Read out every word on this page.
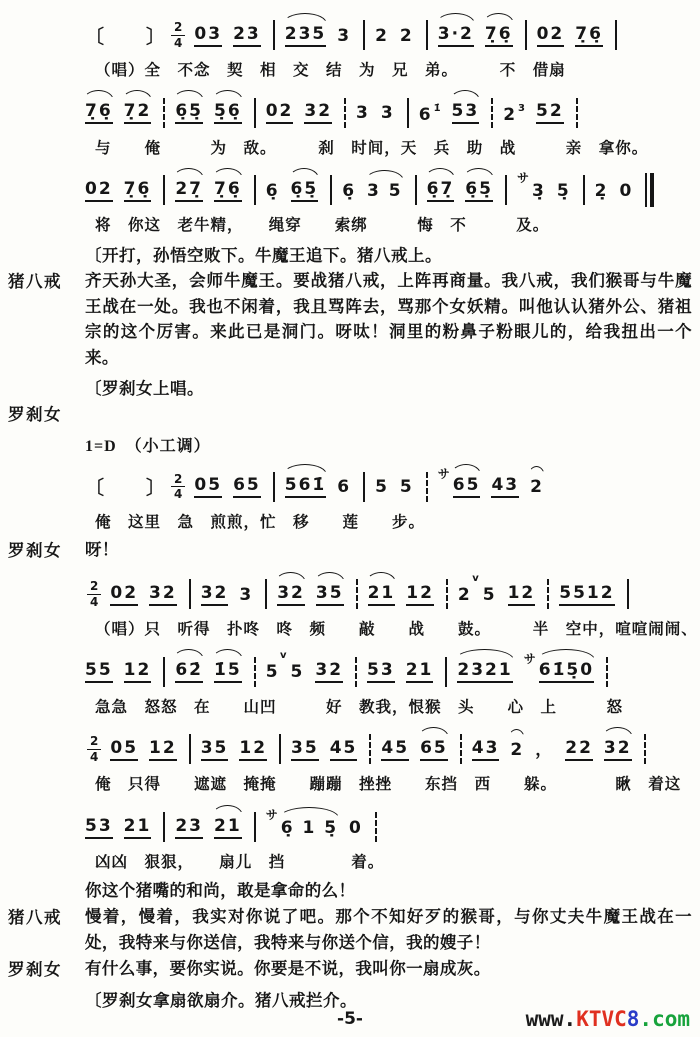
〔 〕 2
4 03 23 235 3 2 2 3·2 7̣6̣ 02 7̣6̣
（唱）全　不念　契　相　交　结　为　兄　弟。　　　不　借扇
7̣6̣ 7̣2 6̣5̣ 5̣6̣ 02 32 3 3 $6^{1̇}$ 53 $2^3$ 52
与　　俺　　　为　敌。　　　刹　时间，天　兵　助　战　　　亲　拿你。
02 7̣6̣ 27̣ 7̣6̣ 6̣ 6̣5̣ 6̣ 3 5 6̣7̣ 6̣5̣
サ
3̣ 5̣ 2̣ 0
将　你这　老牛精，　　绳穿　　索绑　　　悔　不　　　及。
〔开打，孙悟空败下。牛魔王追下。猪八戒上。
猪八戒 齐天孙大圣，会师牛魔王。要战猪八戒，上阵再商量。我八戒，我们猴哥与牛魔王战在一处。我也不闲着，我且骂阵去，骂那个女妖精。叫他认认猪外公、猪祖宗的这个厉害。来此已是洞门。呀呔！洞里的粉鼻子粉眼儿的，给我扭出一个来。
〔罗刹女上唱。
罗刹女
1=D　（小工调）
〔 〕 2
4 05 65 561̇ 6 5 5
サ
65 43 2
俺　这里　急　煎煎，忙　移　　莲　　步。
罗刹女 呀！
2
4 02 32 32 3 32 35 21 12 2
v
5 12 5512
（唱）只　听得　扑咚　咚　频　　敲　　战　　鼓。　　　半　空中，喧喧闹闹、
55 12 62̇ 1̇5 5
v
5 32 53 21 2321
サ
61̇5̣0
急急　怒怒　在　　山凹　　　好　教我，恨猴　头　　心　上　　　怒
2
4 05 12 35 12 35 45 45 65 43 2 ， 22 32
俺　只得　　遮遮　掩掩　　蹦蹦　挫挫　　东挡　西　　躲。　　　　瞅　着这
53 21 23 21
サ
6̣ 1 5̣ 0
凶凶　狠狠，　　扇儿　挡　　　　着。
你这个猪嘴的和尚，敢是拿命的么！
猪八戒 慢着，慢着，我实对你说了吧。那个不知好歹的猴哥，与你丈夫牛魔王战在一处，我特来与你送信，我特来与你送个信，我的嫂子！
罗刹女 有什么事，要你实说。你要是不说，我叫你一扇成灰。
〔罗刹女拿扇欲扇介。猪八戒拦介。
-5-	www.KTVC8.com
